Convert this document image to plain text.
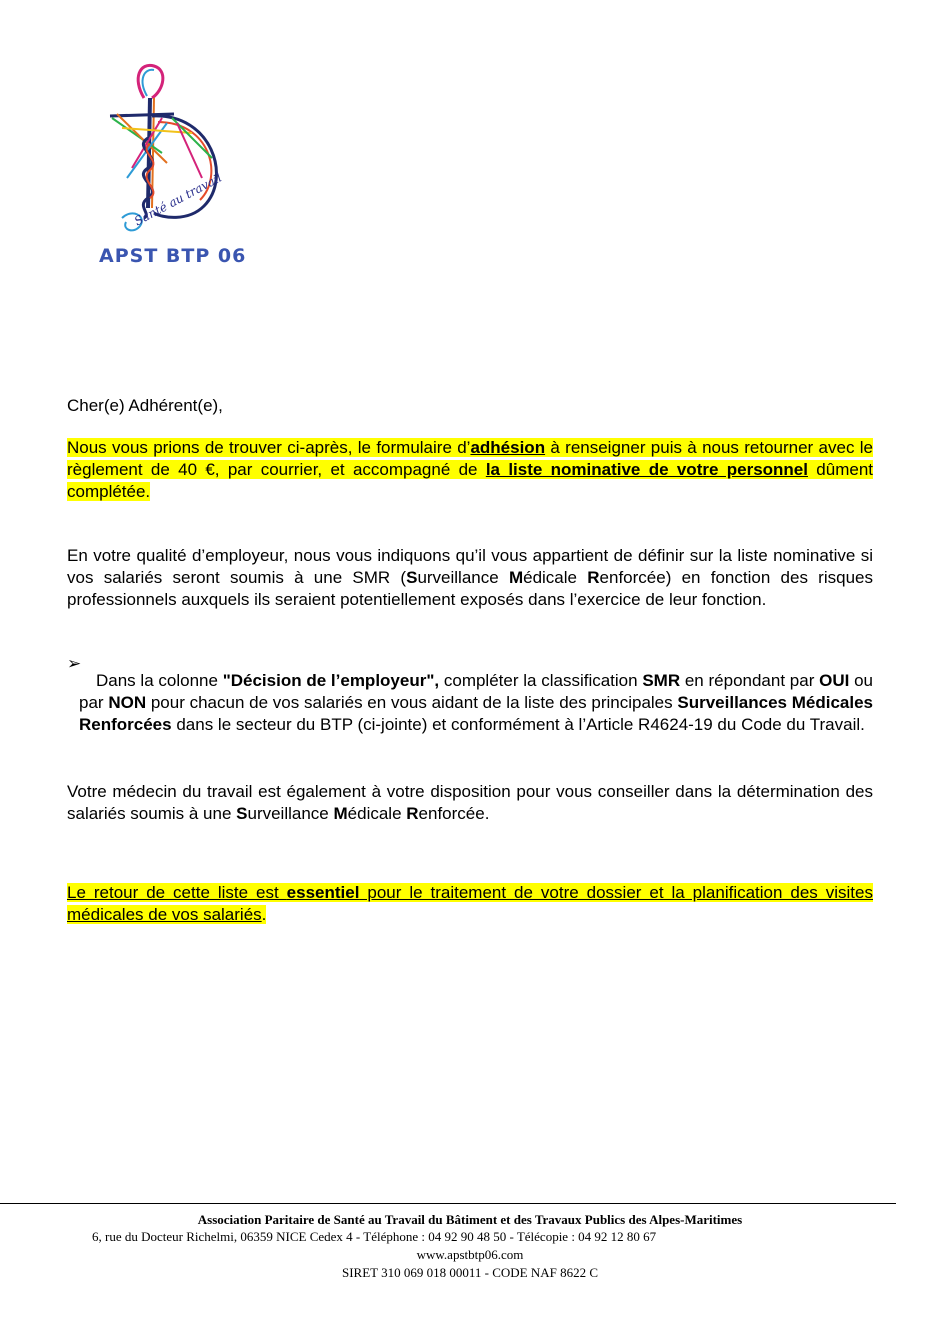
Santé au travail
APST BTP 06
Cher(e) Adhérent(e),

Nous vous prions de trouver ci-après, le formulaire d’adhésion à renseigner puis à nous retourner avec le règlement de 40 €, par courrier, et accompagné de la liste nominative de votre personnel dûment complétée.

En votre qualité d’employeur, nous vous indiquons qu’il vous appartient de définir sur la liste nominative si vos salariés seront soumis à une SMR (Surveillance Médicale Renforcée) en fonction des risques professionnels auxquels ils seraient potentiellement exposés dans l’exercice de leur fonction.

➢

Dans la colonne "Décision de l’employeur", compléter la classification SMR en répondant par OUI ou par NON pour chacun de vos salariés en vous aidant de la liste des principales Surveillances Médicales Renforcées dans le secteur du BTP (ci-jointe) et conformément à l’Article R4624-19 du Code du Travail.

Votre médecin du travail est également à votre disposition pour vous conseiller dans la détermination des salariés soumis à une Surveillance Médicale Renforcée.

Le retour de cette liste est essentiel pour le traitement de votre dossier et la planification des visites médicales de vos salariés.

Association Paritaire de Santé au Travail du Bâtiment et des Travaux Publics des Alpes-Maritimes
6, rue du Docteur Richelmi, 06359 NICE Cedex 4 - Téléphone : 04 92 90 48 50 - Télécopie : 04 92 12 80 67
www.apstbtp06.com
SIRET 310 069 018 00011 - CODE NAF 8622 C
